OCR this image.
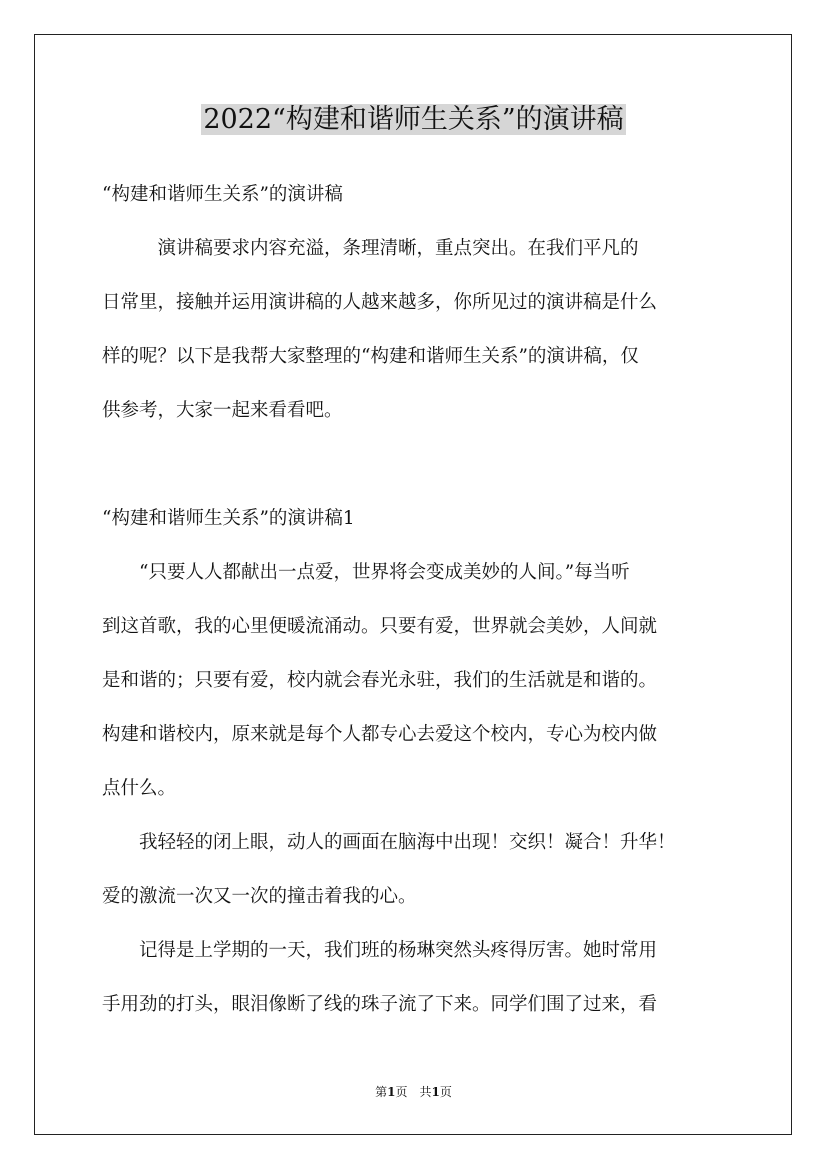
2022“构建和谐师生关系”的演讲稿
“构建和谐师生关系”的演讲稿
　　　演讲稿要求内容充溢，条理清晰，重点突出。在我们平凡的
日常里，接触并运用演讲稿的人越来越多，你所见过的演讲稿是什么
样的呢？以下是我帮大家整理的“构建和谐师生关系”的演讲稿，仅
供参考，大家一起来看看吧。
“构建和谐师生关系”的演讲稿1
　　“只要人人都献出一点爱，世界将会变成美妙的人间。”每当听
到这首歌，我的心里便暖流涌动。只要有爱，世界就会美妙，人间就
是和谐的；只要有爱，校内就会春光永驻，我们的生活就是和谐的。
构建和谐校内，原来就是每个人都专心去爱这个校内，专心为校内做
点什么。
　　我轻轻的闭上眼，动人的画面在脑海中出现！交织！凝合！升华！
爱的激流一次又一次的撞击着我的心。
　　记得是上学期的一天，我们班的杨琳突然头疼得厉害。她时常用
手用劲的打头，眼泪像断了线的珠子流了下来。同学们围了过来，看
第1页　共1页
